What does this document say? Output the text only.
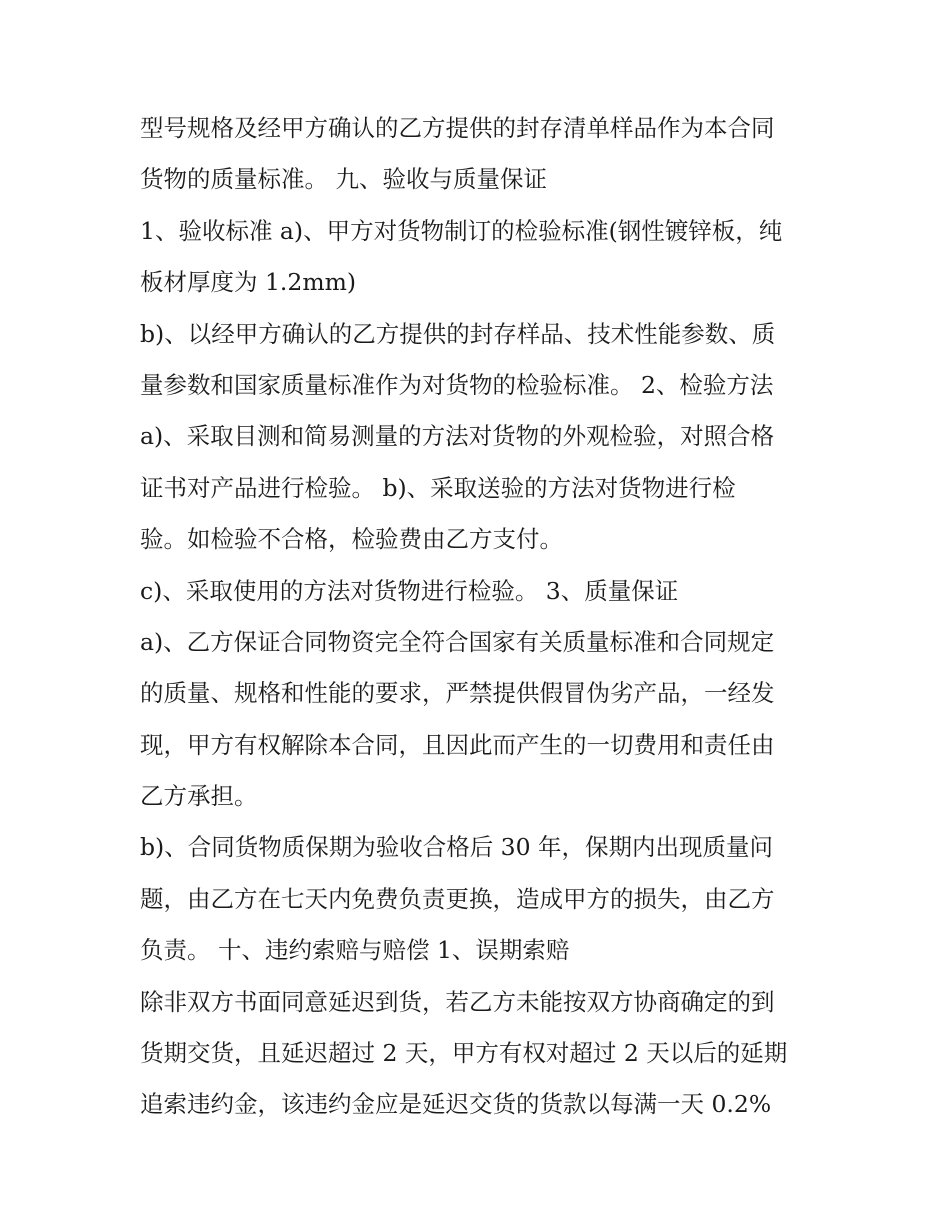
型号规格及经甲方确认的乙方提供的封存清单样品作为本合同
货物的质量标准。 九、验收与质量保证
1、验收标准 a)、甲方对货物制订的检验标准(钢性镀锌板，纯
板材厚度为 1.2mm)
b)、以经甲方确认的乙方提供的封存样品、技术性能参数、质
量参数和国家质量标准作为对货物的检验标准。 2、检验方法
a)、采取目测和简易测量的方法对货物的外观检验，对照合格
证书对产品进行检验。 b)、采取送验的方法对货物进行检
验。如检验不合格，检验费由乙方支付。
c)、采取使用的方法对货物进行检验。 3、质量保证
a)、乙方保证合同物资完全符合国家有关质量标准和合同规定
的质量、规格和性能的要求，严禁提供假冒伪劣产品，一经发
现，甲方有权解除本合同，且因此而产生的一切费用和责任由
乙方承担。
b)、合同货物质保期为验收合格后 30 年，保期内出现质量问
题，由乙方在七天内免费负责更换，造成甲方的损失，由乙方
负责。 十、违约索赔与赔偿 1、误期索赔
除非双方书面同意延迟到货，若乙方未能按双方协商确定的到
货期交货，且延迟超过 2 天，甲方有权对超过 2 天以后的延期
追索违约金，该违约金应是延迟交货的货款以每满一天 0.2%
